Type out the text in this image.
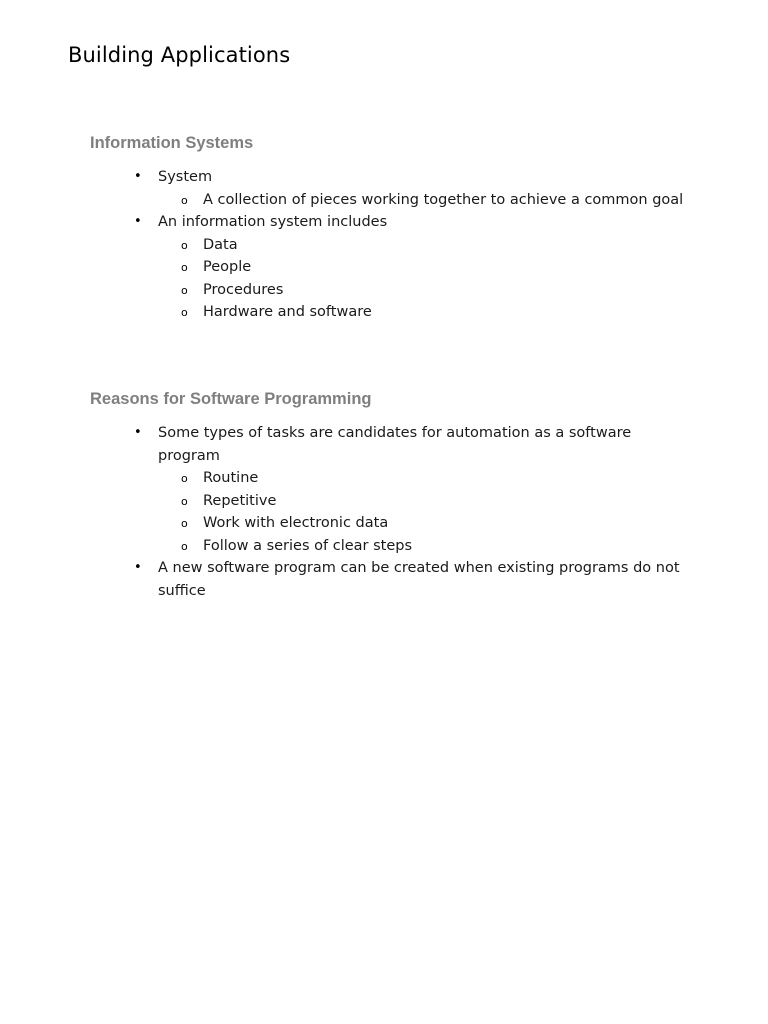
Building Applications
Information Systems
• System
o A collection of pieces working together to achieve a common goal
• An information system includes
o Data
o People
o Procedures
o Hardware and software
Reasons for Software Programming
• Some types of tasks are candidates for automation as a software program
o Routine
o Repetitive
o Work with electronic data
o Follow a series of clear steps
• A new software program can be created when existing programs do not suffice
